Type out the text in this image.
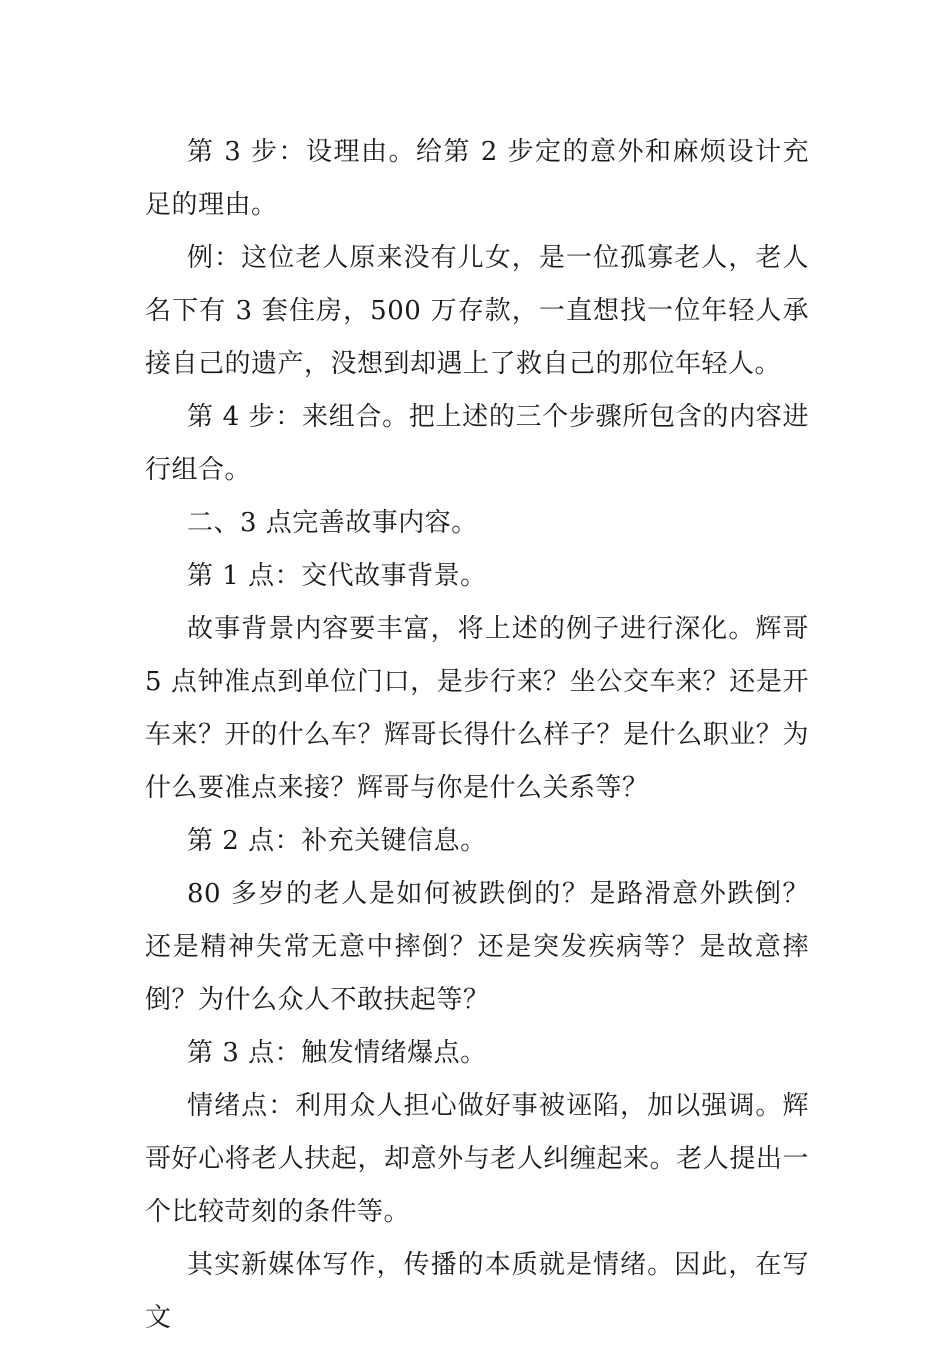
第 3 步：设理由。给第 2 步定的意外和麻烦设计充足的理由。

例：这位老人原来没有儿女，是一位孤寡老人，老人名下有 3 套住房，500 万存款，一直想找一位年轻人承接自己的遗产，没想到却遇上了救自己的那位年轻人。

第 4 步：来组合。把上述的三个步骤所包含的内容进行组合。

二、3 点完善故事内容。

第 1 点：交代故事背景。

故事背景内容要丰富，将上述的例子进行深化。辉哥 5 点钟准点到单位门口，是步行来？坐公交车来？还是开车来？开的什么车？辉哥长得什么样子？是什么职业？为什么要准点来接？辉哥与你是什么关系等？

第 2 点：补充关键信息。

80 多岁的老人是如何被跌倒的？是路滑意外跌倒？还是精神失常无意中摔倒？还是突发疾病等？是故意摔倒？为什么众人不敢扶起等？

第 3 点：触发情绪爆点。

情绪点：利用众人担心做好事被诬陷，加以强调。辉哥好心将老人扶起，却意外与老人纠缠起来。老人提出一个比较苛刻的条件等。

其实新媒体写作，传播的本质就是情绪。因此，在写文
